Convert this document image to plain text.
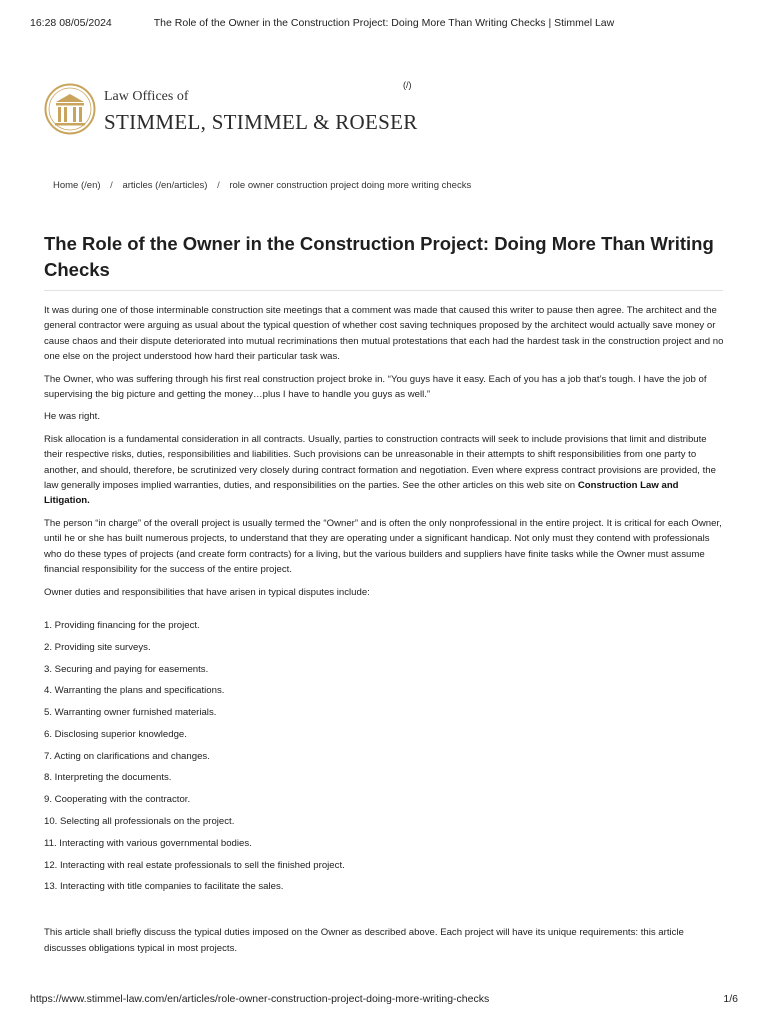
16:28 08/05/2024	The Role of the Owner in the Construction Project: Doing More Than Writing Checks | Stimmel Law
Law Offices of
STIMMEL, STIMMEL & ROESER
(/)
Home (/en) / articles (/en/articles) / role owner construction project doing more writing checks
The Role of the Owner in the Construction Project: Doing More Than Writing Checks

It was during one of those interminable construction site meetings that a comment was made that caused this writer to pause then agree. The architect and the general contractor were arguing as usual about the typical question of whether cost saving techniques proposed by the architect would actually save money or cause chaos and their dispute deteriorated into mutual recriminations then mutual protestations that each had the hardest task in the construction project and no one else on the project understood how hard their particular task was.

The Owner, who was suffering through his first real construction project broke in. “You guys have it easy. Each of you has a job that’s tough. I have the job of supervising the big picture and getting the money…plus I have to handle you guys as well.”

He was right.

Risk allocation is a fundamental consideration in all contracts. Usually, parties to construction contracts will seek to include provisions that limit and distribute their respective risks, duties, responsibilities and liabilities. Such provisions can be unreasonable in their attempts to shift responsibilities from one party to another, and should, therefore, be scrutinized very closely during contract formation and negotiation. Even where express contract provisions are provided, the law generally imposes implied warranties, duties, and responsibilities on the parties. See the other articles on this web site on Construction Law and Litigation.

The person “in charge” of the overall project is usually termed the “Owner” and is often the only nonprofessional in the entire project. It is critical for each Owner, until he or she has built numerous projects, to understand that they are operating under a significant handicap. Not only must they contend with professionals who do these types of projects (and create form contracts) for a living, but the various builders and suppliers have finite tasks while the Owner must assume financial responsibility for the success of the entire project.

Owner duties and responsibilities that have arisen in typical disputes include:

1. Providing financing for the project.
2. Providing site surveys.
3. Securing and paying for easements.
4. Warranting the plans and specifications.
5. Warranting owner furnished materials.
6. Disclosing superior knowledge.
7. Acting on clarifications and changes.
8. Interpreting the documents.
9. Cooperating with the contractor.
10. Selecting all professionals on the project.
11. Interacting with various governmental bodies.
12. Interacting with real estate professionals to sell the finished project.
13. Interacting with title companies to facilitate the sales.

This article shall briefly discuss the typical duties imposed on the Owner as described above. Each project will have its unique requirements: this article discusses obligations typical in most projects.

https://www.stimmel-law.com/en/articles/role-owner-construction-project-doing-more-writing-checks	1/6
